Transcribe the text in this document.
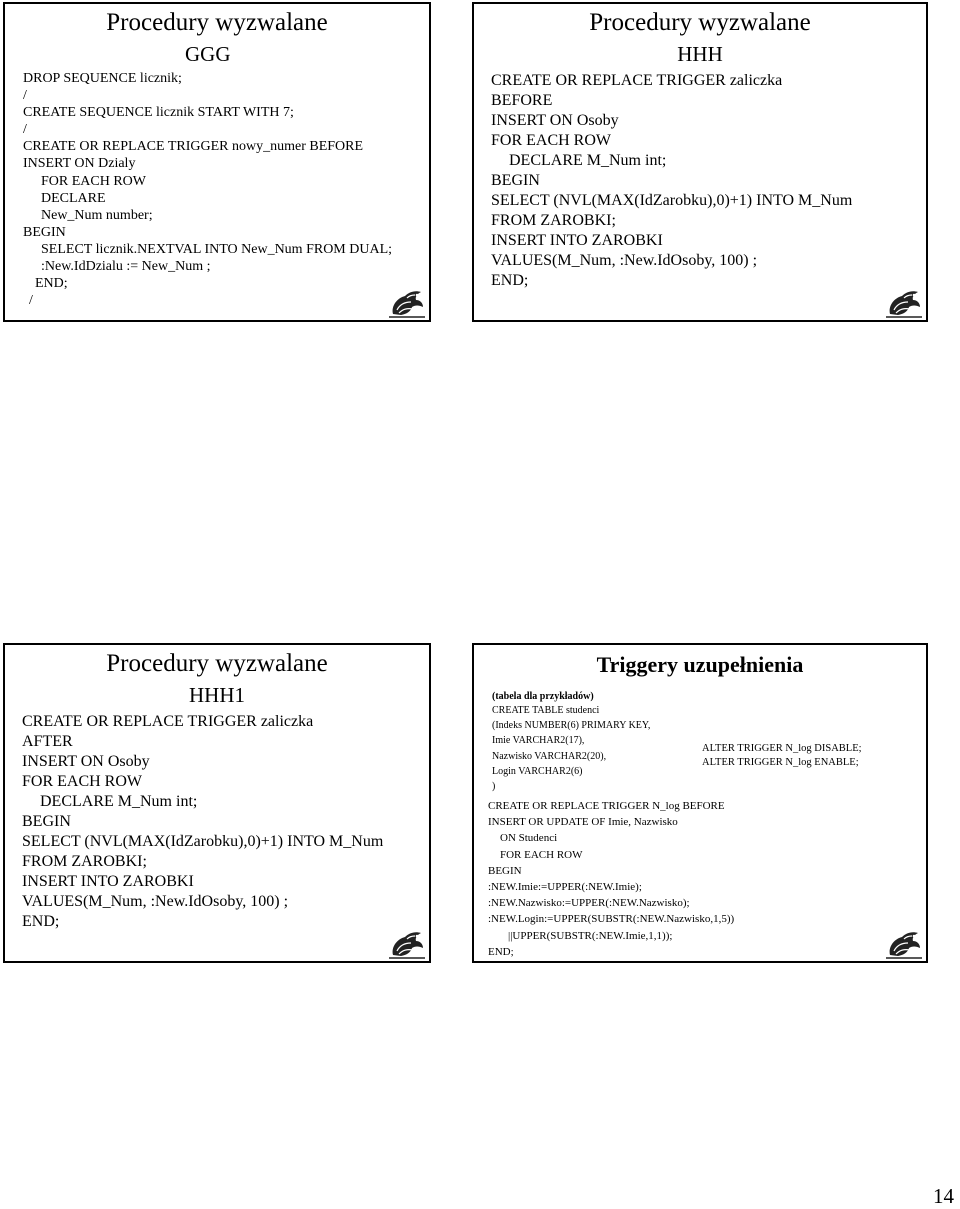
Procedury wyzwalane
GGG
DROP SEQUENCE licznik;
/
CREATE SEQUENCE licznik START WITH 7;
/
CREATE OR REPLACE TRIGGER nowy_numer BEFORE
INSERT ON Dzialy
FOR EACH ROW
DECLARE
New_Num number;
BEGIN
SELECT licznik.NEXTVAL INTO New_Num FROM DUAL;
:New.IdDzialu := New_Num ;
END;
/
Procedury wyzwalane
HHH
CREATE OR REPLACE TRIGGER zaliczka
BEFORE
INSERT ON Osoby
FOR EACH ROW
DECLARE M_Num int;
BEGIN
SELECT (NVL(MAX(IdZarobku),0)+1) INTO M_Num
FROM ZAROBKI;
INSERT INTO ZAROBKI
VALUES(M_Num, :New.IdOsoby, 100) ;
END;
Procedury wyzwalane
HHH1
CREATE OR REPLACE TRIGGER zaliczka
AFTER
INSERT ON Osoby
FOR EACH ROW
DECLARE M_Num int;
BEGIN
SELECT (NVL(MAX(IdZarobku),0)+1) INTO M_Num
FROM ZAROBKI;
INSERT INTO ZAROBKI
VALUES(M_Num, :New.IdOsoby, 100) ;
END;
Triggery uzupełnienia
(tabela dla przykładów)
CREATE TABLE studenci
(Indeks NUMBER(6) PRIMARY KEY,
Imie VARCHAR2(17),
Nazwisko VARCHAR2(20),
Login VARCHAR2(6)
)
ALTER TRIGGER N_log DISABLE;
ALTER TRIGGER N_log ENABLE;
CREATE OR REPLACE TRIGGER N_log BEFORE
INSERT OR UPDATE OF Imie, Nazwisko
ON Studenci
FOR EACH ROW
BEGIN
:NEW.Imie:=UPPER(:NEW.Imie);
:NEW.Nazwisko:=UPPER(:NEW.Nazwisko);
:NEW.Login:=UPPER(SUBSTR(:NEW.Nazwisko,1,5))
||UPPER(SUBSTR(:NEW.Imie,1,1));
END;
14
